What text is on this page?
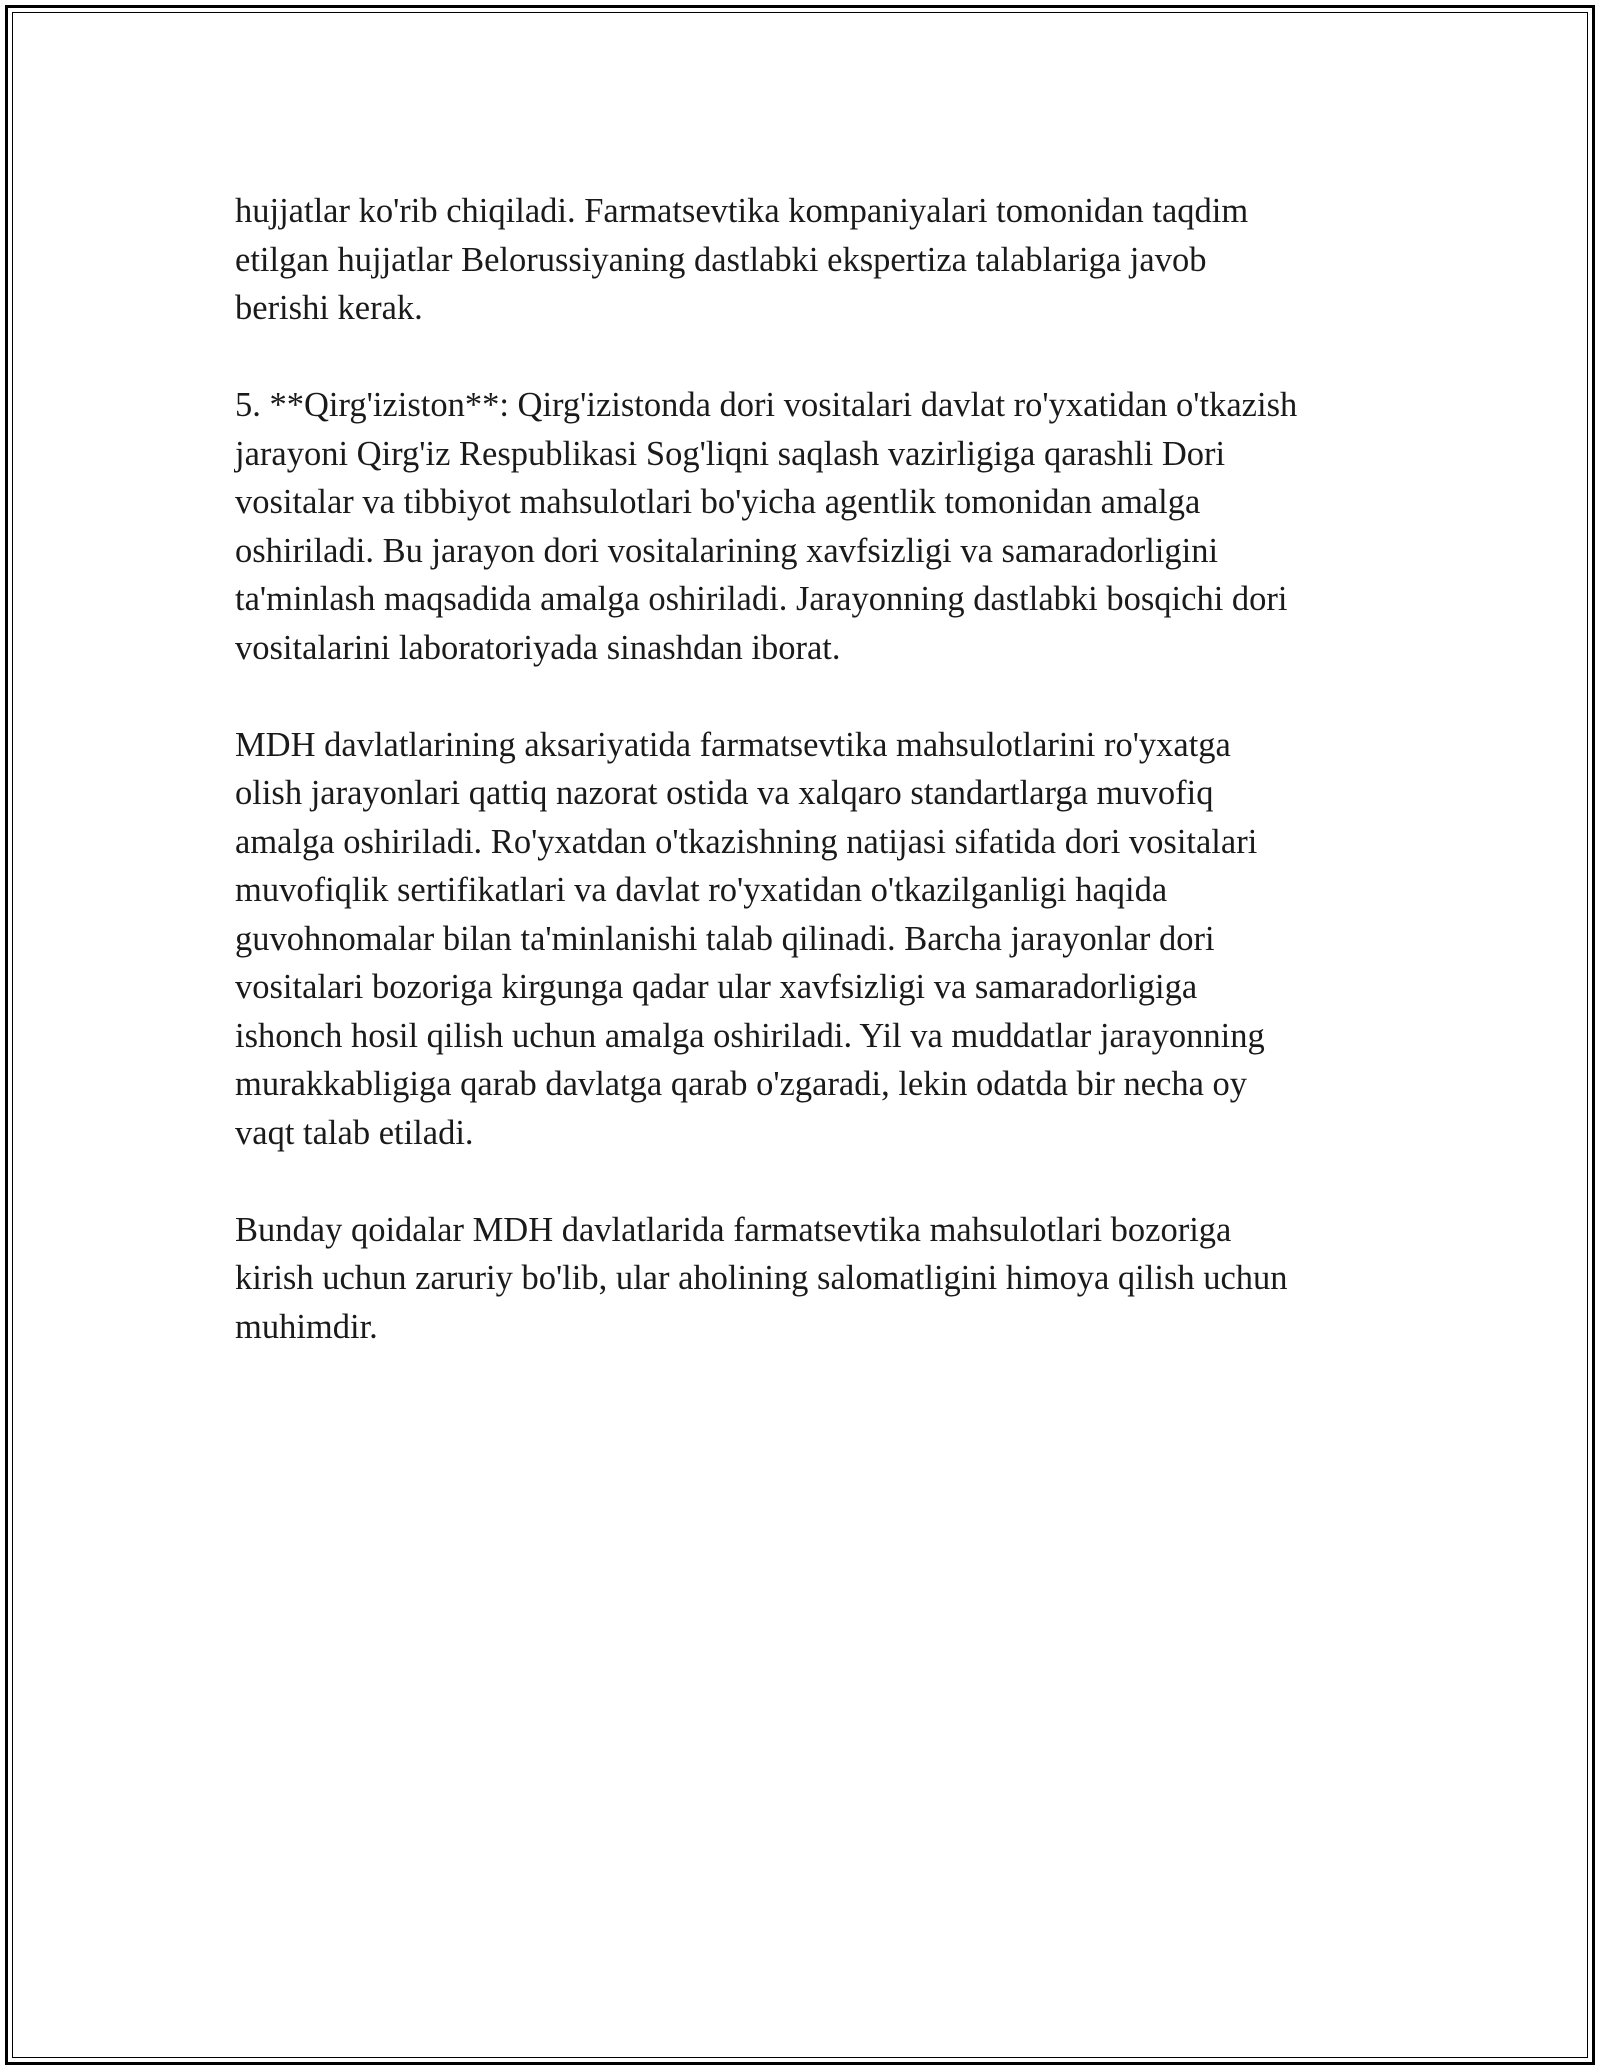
hujjatlar ko'rib chiqiladi. Farmatsevtika kompaniyalari tomonidan taqdim
etilgan hujjatlar Belorussiyaning dastlabki ekspertiza talablariga javob
berishi kerak.

5. **Qirg'iziston**: Qirg'izistonda dori vositalari davlat ro'yxatidan o'tkazish
jarayoni Qirg'iz Respublikasi Sog'liqni saqlash vazirligiga qarashli Dori
vositalar va tibbiyot mahsulotlari bo'yicha agentlik tomonidan amalga
oshiriladi. Bu jarayon dori vositalarining xavfsizligi va samaradorligini
ta'minlash maqsadida amalga oshiriladi. Jarayonning dastlabki bosqichi dori
vositalarini laboratoriyada sinashdan iborat.

MDH davlatlarining aksariyatida farmatsevtika mahsulotlarini ro'yxatga
olish jarayonlari qattiq nazorat ostida va xalqaro standartlarga muvofiq
amalga oshiriladi. Ro'yxatdan o'tkazishning natijasi sifatida dori vositalari
muvofiqlik sertifikatlari va davlat ro'yxatidan o'tkazilganligi haqida
guvohnomalar bilan ta'minlanishi talab qilinadi. Barcha jarayonlar dori
vositalari bozoriga kirgunga qadar ular xavfsizligi va samaradorligiga
ishonch hosil qilish uchun amalga oshiriladi. Yil va muddatlar jarayonning
murakkabligiga qarab davlatga qarab o'zgaradi, lekin odatda bir necha oy
vaqt talab etiladi.

Bunday qoidalar MDH davlatlarida farmatsevtika mahsulotlari bozoriga
kirish uchun zaruriy bo'lib, ular aholining salomatligini himoya qilish uchun
muhimdir.
